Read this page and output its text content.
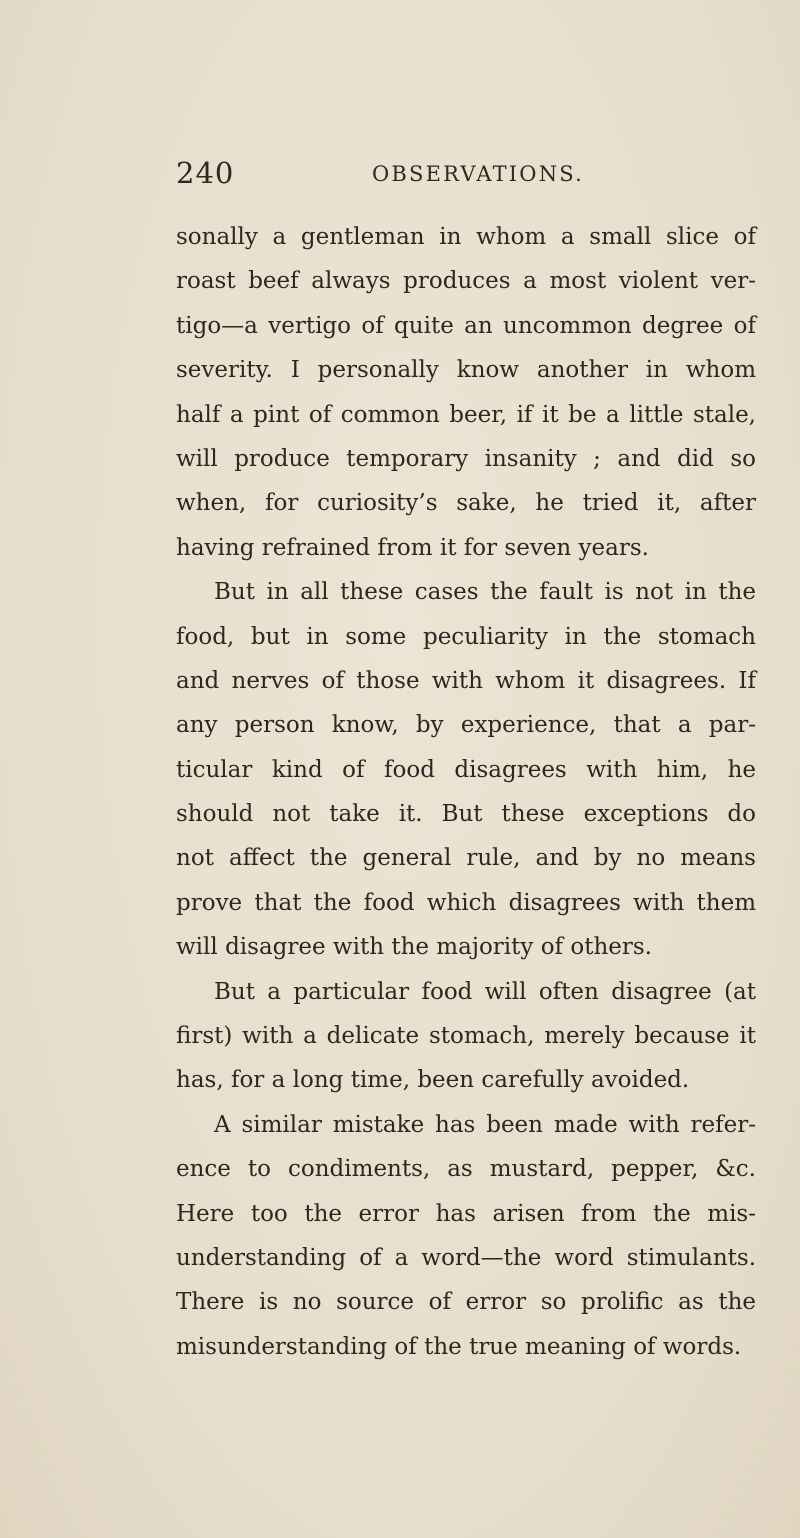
240	OBSERVATIONS.
sonally a gentleman in whom a small slice of
roast beef always produces a most violent ver-
tigo—a vertigo of quite an uncommon degree of
severity. I personally know another in whom
half a pint of common beer, if it be a little stale,
will produce temporary insanity ; and did so
when, for curiosity’s sake, he tried it, after
having refrained from it for seven years.
But in all these cases the fault is not in the
food, but in some peculiarity in the stomach
and nerves of those with whom it disagrees. If
any person know, by experience, that a par-
ticular kind of food disagrees with him, he
should not take it. But these exceptions do
not affect the general rule, and by no means
prove that the food which disagrees with them
will disagree with the majority of others.
But a particular food will often disagree (at
first) with a delicate stomach, merely because it
has, for a long time, been carefully avoided.
A similar mistake has been made with refer-
ence to condiments, as mustard, pepper, &c.
Here too the error has arisen from the mis-
understanding of a word—the word stimulants.
There is no source of error so prolific as the
misunderstanding of the true meaning of words.
